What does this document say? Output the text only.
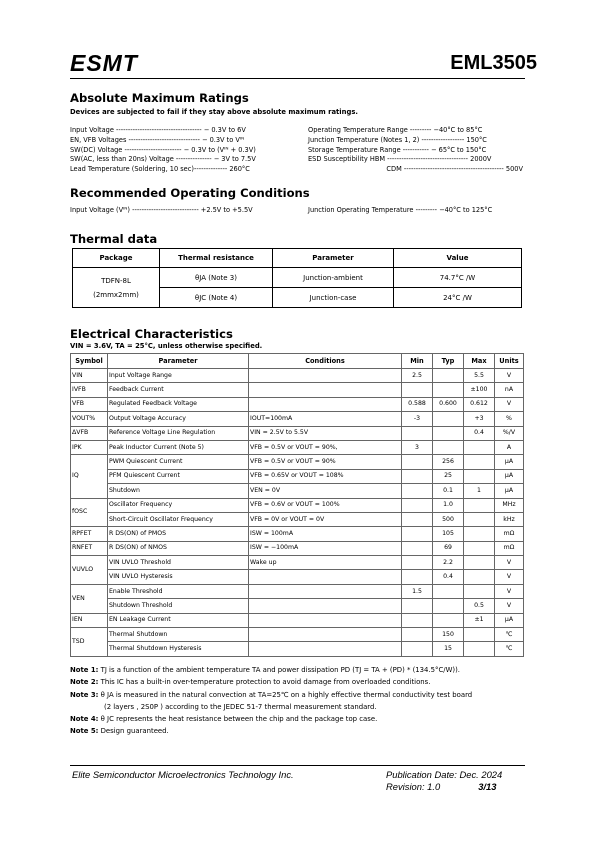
ESMT	EML3505
Absolute Maximum Ratings
Devices are subjected to fail if they stay above absolute maximum ratings.
Input Voltage ------------------------------------ − 0.3V to 6V
EN, VFB Voltages ------------------------------ − 0.3V to Vᴵᴺ
SW(DC) Voltage ------------------------ − 0.3V to (Vᴵᴺ + 0.3V)
SW(AC, less than 20ns) Voltage --------------- − 3V to 7.5V
Lead Temperature (Soldering, 10 sec)-------------- 260°C
Operating Temperature Range --------- −40°C to 85°C
Junction Temperature (Notes 1, 2) ------------------ 150°C
Storage Temperature Range ----------- − 65°C to 150°C
ESD Susceptibility HBM ---------------------------------- 2000V
CDM ------------------------------------------ 500V
Recommended Operating Conditions
Input Voltage (Vᴵᴺ) ---------------------------- +2.5V to +5.5V	Junction Operating Temperature --------- −40°C to 125°C
Thermal data
Package	Thermal resistance	Parameter	Value

TDFN-8L
(2mmx2mm)	θJA (Note 3)	Junction-ambient	74.7°C /W
	θJC (Note 4)	Junction-case	24°C /W
Electrical Characteristics
VIN = 3.6V, TA = 25°C, unless otherwise specified.
Symbol	Parameter	Conditions	Min	Typ	Max	Units
VIN	Input Voltage Range		2.5		5.5	V
IVFB	Feedback Current				±100	nA
VFB	Regulated Feedback Voltage		0.588	0.600	0.612	V
VOUT%	Output Voltage Accuracy	IOUT=100mA	-3		+3	%
ΔVFB	Reference Voltage Line Regulation	VIN = 2.5V to 5.5V			0.4	%/V
IPK	Peak Inductor Current (Note 5)	VFB = 0.5V or VOUT = 90%,	3			A
IQ	PWM Quiescent Current	VFB = 0.5V or VOUT = 90%		256		μA
	PFM Quiescent Current	VFB = 0.65V or VOUT = 108%		25		μA
	Shutdown	VEN = 0V		0.1	1	μA
fOSC	Oscillator Frequency	VFB = 0.6V or VOUT = 100%		1.0		MHz
	Short-Circuit Oscillator Frequency	VFB = 0V or VOUT = 0V		500		kHz
RPFET	R DS(ON) of PMOS	ISW = 100mA		105		mΩ
RNFET	R DS(ON) of NMOS	ISW = −100mA		69		mΩ
VUVLO	VIN UVLO Threshold	Wake up		2.2		V
	VIN UVLO Hysteresis			0.4		V
VEN	Enable Threshold		1.5			V
	Shutdown Threshold				0.5	V
IEN	EN Leakage Current				±1	μA
TSD	Thermal Shutdown			150		℃
	Thermal Shutdown Hysteresis			15		℃
Note 1: TJ is a function of the ambient temperature TA and power dissipation PD (TJ = TA + (PD) * (134.5°C/W)).
Note 2: This IC has a built-in over-temperature protection to avoid damage from overloaded conditions.
Note 3: θ JA is measured in the natural convection at TA=25℃ on a highly effective thermal conductivity test board
(2 layers , 2S0P ) according to the JEDEC 51-7 thermal measurement standard.
Note 4: θ JC represents the heat resistance between the chip and the package top case.
Note 5: Design guaranteed.
Elite Semiconductor Microelectronics Technology Inc.	Publication Date: Dec. 2024
Revision: 1.0	3/13
